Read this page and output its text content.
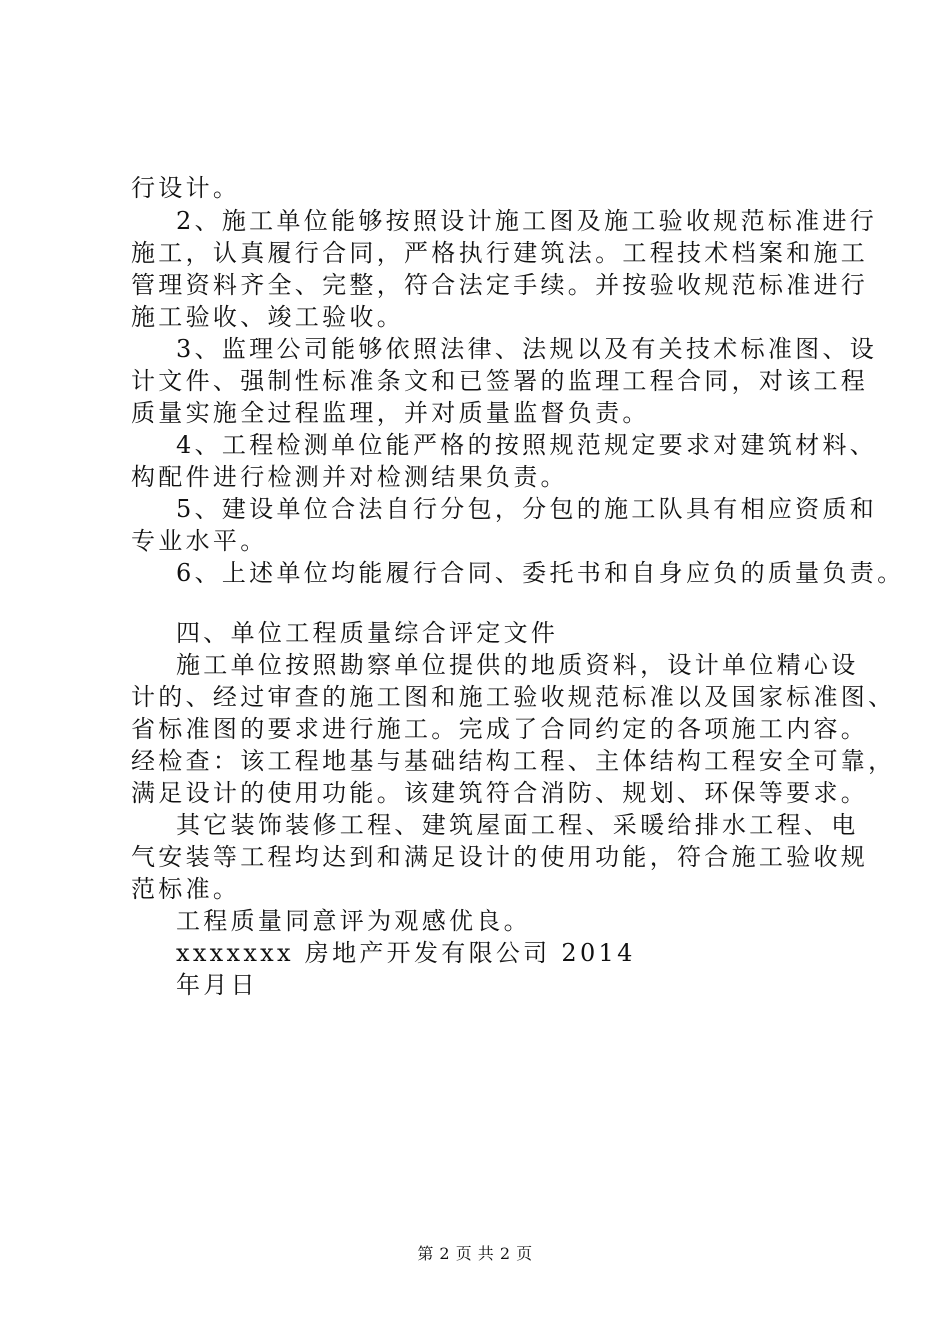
行设计。
2、施工单位能够按照设计施工图及施工验收规范标准进行
施工，认真履行合同，严格执行建筑法。工程技术档案和施工
管理资料齐全、完整，符合法定手续。并按验收规范标准进行
施工验收、竣工验收。
3、监理公司能够依照法律、法规以及有关技术标准图、设
计文件、强制性标准条文和已签署的监理工程合同，对该工程
质量实施全过程监理，并对质量监督负责。
4、工程检测单位能严格的按照规范规定要求对建筑材料、
构配件进行检测并对检测结果负责。
5、建设单位合法自行分包，分包的施工队具有相应资质和
专业水平。
6、上述单位均能履行合同、委托书和自身应负的质量负责。
四、单位工程质量综合评定文件
施工单位按照勘察单位提供的地质资料，设计单位精心设
计的、经过审查的施工图和施工验收规范标准以及国家标准图、
省标准图的要求进行施工。完成了合同约定的各项施工内容。
经检查：该工程地基与基础结构工程、主体结构工程安全可靠，
满足设计的使用功能。该建筑符合消防、规划、环保等要求。
其它装饰装修工程、建筑屋面工程、采暖给排水工程、电
气安装等工程均达到和满足设计的使用功能，符合施工验收规
范标准。
工程质量同意评为观感优良。
xxxxxxx 房地产开发有限公司 2014
年月日
第 2 页 共 2 页
